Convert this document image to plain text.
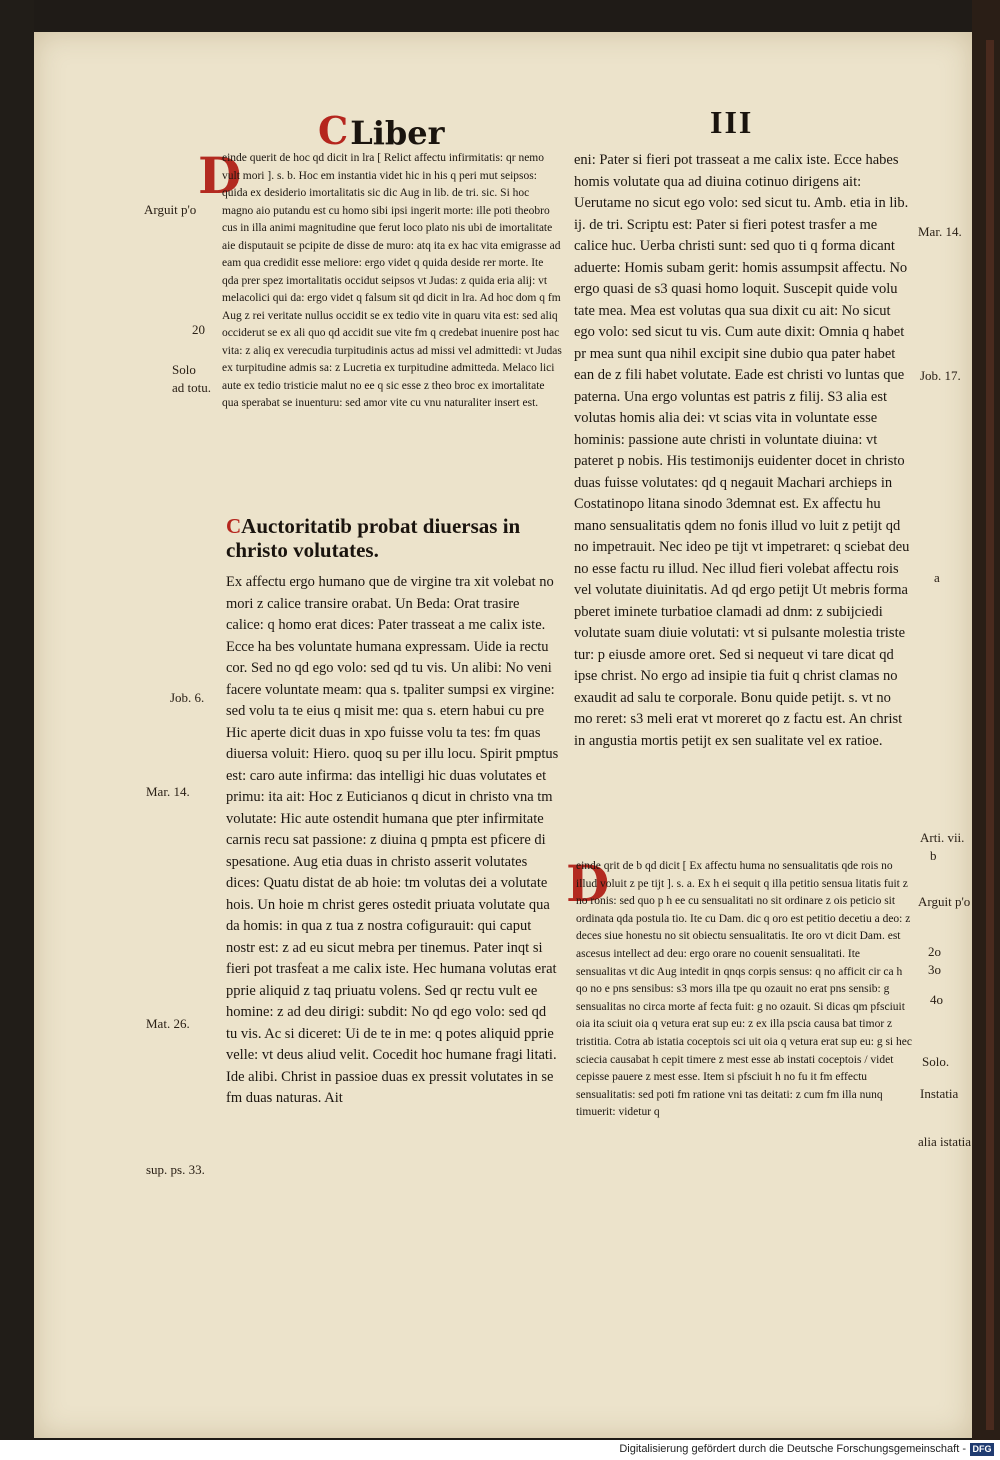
CLiber	III
D
einde querit de hoc qd dicit in lra [ Relict affectu infirmitatis: qr nemo vult mori ]. s. b. Hoc em instantia videt hic in his q peri mut seipsos: quida ex desiderio imortalitatis sic dic Aug in lib. de tri. sic. Si hoc magno aio putandu est cu homo sibi ipsi ingerit morte: ille poti theobro cus in illa animi magnitudine que ferut loco plato nis ubi de imortalitate aie disputauit se pcipite de disse de muro: atq ita ex hac vita emigrasse ad eam qua credidit esse meliore: ergo videt q quida deside rer morte. Ite qda prer spez imortalitatis occidut seipsos vt Judas: z quida eria alij: vt melacolici qui da: ergo videt q falsum sit qd dicit in lra. Ad hoc dom q fm Aug z rei veritate nullus occidit se ex tedio vite in quaru vita est: sed aliq occiderut se ex ali quo qd accidit sue vite fm q credebat inuenire post hac vita: z aliq ex verecudia turpitudinis actus ad missi vel admittedi: vt Judas ex turpitudine admis sa: z Lucretia ex turpitudine admitteda. Melaco lici aute ex tedio tristicie malut no ee q sic esse z theo broc ex imortalitate qua sperabat se inuenturu: sed amor vite cu vnu naturaliter insert est.
CAuctoritatib probat diuersas in christo volutates.
Ex affectu ergo humano que de virgine tra xit volebat no mori z calice transire orabat. Un Beda: Orat trasire calice: q homo erat dices: Pater trasseat a me calix iste. Ecce ha bes voluntate humana expressam. Uide ia rectu cor. Sed no qd ego volo: sed qd tu vis. Un alibi: No veni facere voluntate meam: qua s. tpaliter sumpsi ex virgine: sed volu ta te eius q misit me: qua s. etern habui cu pre Hic aperte dicit duas in xpo fuisse volu ta tes: fm quas diuersa voluit: Hiero. quoq su per illu locu. Spirit pmptus est: caro aute infirma: das intelligi hic duas volutates et primu: ita ait: Hoc z Euticianos q dicut in christo vna tm volutate: Hic aute ostendit humana que pter infirmitate carnis recu sat passione: z diuina q pmpta est pficere di spesatione. Aug etia duas in christo asserit volutates dices: Quatu distat de ab hoie: tm volutas dei a volutate hois. Un hoie m christ geres ostedit priuata volutate qua da homis: in qua z tua z nostra cofigurauit: qui caput nostr est: z ad eu sicut mebra per tinemus. Pater inqt si fieri pot trasfeat a me calix iste. Hec humana volutas erat pprie aliquid z taq priuatu volens. Sed qr rectu vult ee homine: z ad deu dirigi: subdit: No qd ego volo: sed qd tu vis. Ac si diceret: Ui de te in me: q potes aliquid pprie velle: vt deus aliud velit. Cocedit hoc humane fragi litati. Ide alibi. Christ in passioe duas ex pressit volutates in se fm duas naturas. Ait
eni: Pater si fieri pot trasseat a me calix iste. Ecce habes homis volutate qua ad diuina cotinuo dirigens ait: Uerutame no sicut ego volo: sed sicut tu. Amb. etia in lib. ij. de tri. Scriptu est: Pater si fieri potest trasfer a me calice huc. Uerba christi sunt: sed quo ti q forma dicant aduerte: Homis subam gerit: homis assumpsit affectu. No ergo quasi de s3 quasi homo loquit. Suscepit quide volu tate mea. Mea est volutas qua sua dixit cu ait: No sicut ego volo: sed sicut tu vis. Cum aute dixit: Omnia q habet pr mea sunt qua nihil excipit sine dubio qua pater habet ean de z fili habet volutate. Eade est christi vo luntas que paterna. Una ergo voluntas est patris z filij. S3 alia est volutas homis alia dei: vt scias vita in voluntate esse hominis: passione aute christi in voluntate diuina: vt pateret p nobis. His testimonijs euidenter docet in christo duas fuisse volutates: qd q negauit Machari archieps in Costatinopo litana sinodo 3demnat est. Ex affectu hu mano sensualitatis qdem no fonis illud vo luit z petijt qd no impetrauit. Nec ideo pe tijt vt impetraret: q sciebat deu no esse factu ru illud. Nec illud fieri volebat affectu rois vel volutate diuinitatis. Ad qd ergo petijt Ut mebris forma pberet iminete turbatioe clamadi ad dnm: z subijciedi volutate suam diuie volutati: vt si pulsante molestia triste tur: p eiusde amore oret. Sed si nequeut vi tare dicat qd ipse christ. No ergo ad insipie tia fuit q christ clamas no exaudit ad salu te corporale. Bonu quide petijt. s. vt no mo reret: s3 meli erat vt moreret qo z factu est. An christ in angustia mortis petijt ex sen sualitate vel ex ratioe.
D
einde qrit de b qd dicit [ Ex affectu huma no sensualitatis qde rois no illud voluit z pe tijt ]. s. a. Ex h ei sequit q illa petitio sensua litatis fuit z no ronis: sed quo p h ee cu sensualitati no sit ordinare z ois peticio sit ordinata qda postula tio. Ite cu Dam. dic q oro est petitio decetiu a deo: z deces siue honestu no sit obiectu sensualitatis. Ite oro vt dicit Dam. est ascesus intellect ad deu: ergo orare no couenit sensualitati. Ite sensualitas vt dic Aug intedit in qnqs corpis sensus: q no afficit cir ca h qo no e pns sensibus: s3 mors illa tpe qu ozauit no erat pns sensib: g sensualitas no circa morte af fecta fuit: g no ozauit. Si dicas qm pfsciuit oia ita sciuit oia q vetura erat sup eu: z ex illa pscia causa bat timor z tristitia. Cotra ab istatia coceptois sci uit oia q vetura erat sup eu: g si hec sciecia causabat h cepit timere z mest esse ab instati coceptois / videt cepisse pauere z mest esse. Item si pfsciuit h no fu it fm effectu sensualitatis: sed poti fm ratione vni tas deitati: z cum fm illa nunq timuerit: videtur q
Arguit p'o
20
Solo
ad totu.
Job. 6.
Mar. 14.
Mat. 26.
sup. ps. 33.
Mar. 14.
Job. 17.
a
Arti. vii.
b
Arguit p'o
2o
3o
4o
Solo.
Instatia
alia istatia
Digitalisierung gefördert durch die Deutsche Forschungsgemeinschaft - DFG
